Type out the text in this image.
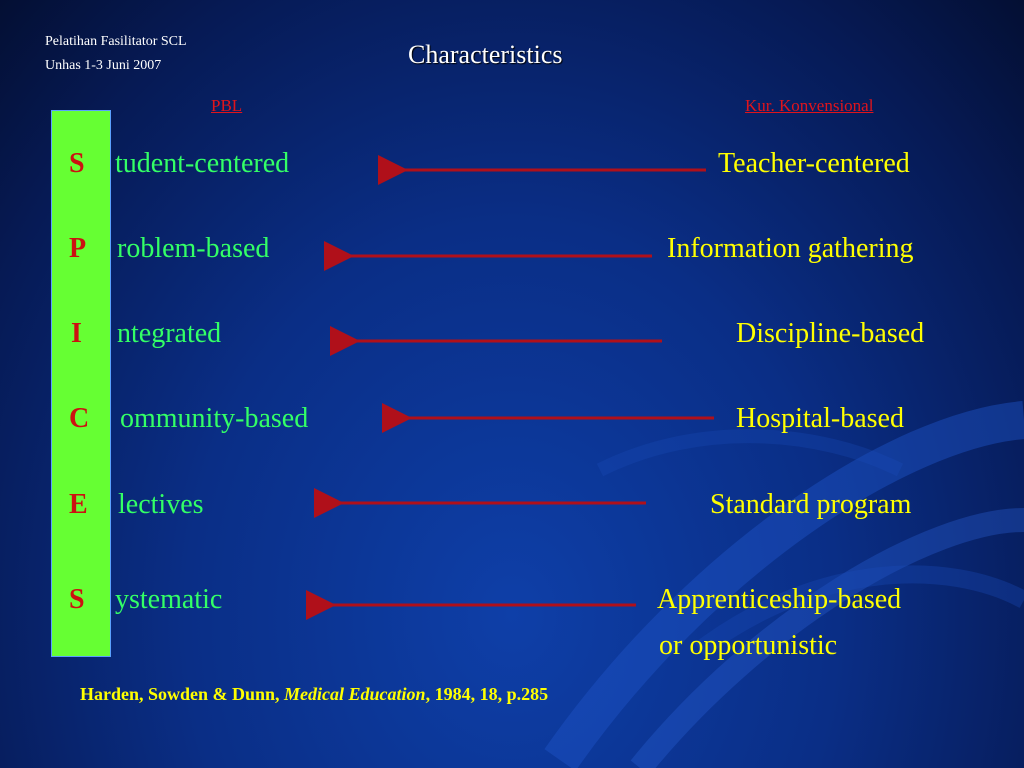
Pelatihan Fasilitator SCL
Unhas 1-3 Juni 2007	Characteristics
PBL	Kur. Konvensional
S tudent-centered	Teacher-centered
P roblem-based	Information gathering
I ntegrated	Discipline-based
C ommunity-based	Hospital-based
E lectives	Standard program
S ystematic	Apprenticeship-based
or opportunistic
Harden, Sowden & Dunn, Medical Education, 1984, 18, p.285
